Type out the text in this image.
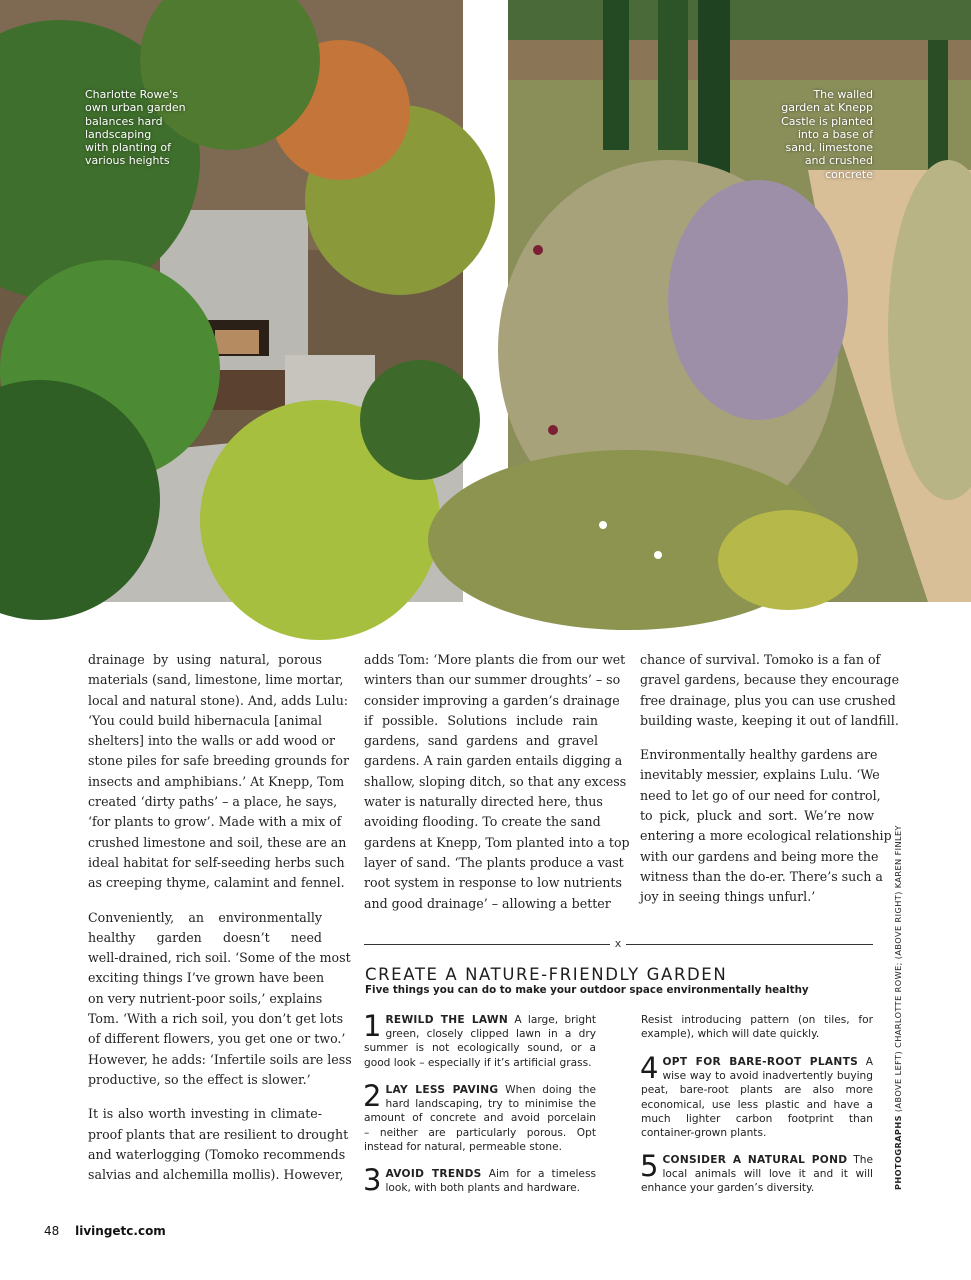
Charlotte Rowe's
own urban garden
balances hard
landscaping
with planting of
various heights
The walled
garden at Knepp
Castle is planted
into a base of
sand, limestone
and crushed
concrete
drainage by using natural, porous
materials (sand, limestone, lime mortar,
local and natural stone). And, adds Lulu:
‘You could build hibernacula [animal
shelters] into the walls or add wood or
stone piles for safe breeding grounds for
insects and amphibians.’ At Knepp, Tom
created ‘dirty paths’ – a place, he says,
‘for plants to grow’. Made with a mix of
crushed limestone and soil, these are an
ideal habitat for self-seeding herbs such
as creeping thyme, calamint and fennel.
Conveniently, an environmentally
healthy garden doesn’t need
well-drained, rich soil. ‘Some of the most
exciting things I’ve grown have been
on very nutrient-poor soils,’ explains
Tom. ‘With a rich soil, you don’t get lots
of different flowers, you get one or two.’
However, he adds: ‘Infertile soils are less
productive, so the effect is slower.’
It is also worth investing in climate-
proof plants that are resilient to drought
and waterlogging (Tomoko recommends
salvias and alchemilla mollis). However,
adds Tom: ‘More plants die from our wet
winters than our summer droughts’ – so
consider improving a garden’s drainage
if possible. Solutions include rain
gardens, sand gardens and gravel
gardens. A rain garden entails digging a
shallow, sloping ditch, so that any excess
water is naturally directed here, thus
avoiding flooding. To create the sand
gardens at Knepp, Tom planted into a top
layer of sand. ‘The plants produce a vast
root system in response to low nutrients
and good drainage’ – allowing a better
chance of survival. Tomoko is a fan of
gravel gardens, because they encourage
free drainage, plus you can use crushed
building waste, keeping it out of landfill.
Environmentally healthy gardens are
inevitably messier, explains Lulu. ‘We
need to let go of our need for control,
to pick, pluck and sort. We’re now
entering a more ecological relationship
with our gardens and being more the
witness than the do-er. There’s such a
joy in seeing things unfurl.’
x
CREATE A NATURE-FRIENDLY GARDEN
Five things you can do to make your outdoor space environmentally healthy
1 REWILD THE LAWN A large, bright
green, closely clipped lawn in a dry
summer is not ecologically sound, or a
good look – especially if it’s artificial grass.
2 LAY LESS PAVING When doing the
hard landscaping, try to minimise the
amount of concrete and avoid porcelain
– neither are particularly porous. Opt
instead for natural, permeable stone.
3 AVOID TRENDS Aim for a timeless
look, with both plants and hardware.
Resist introducing pattern (on tiles, for
example), which will date quickly.
4 OPT FOR BARE-ROOT PLANTS A
wise way to avoid inadvertently buying
peat, bare-root plants are also more
economical, use less plastic and have a
much lighter carbon footprint than
container-grown plants.
5 CONSIDER A NATURAL POND The
local animals will love it and it will
enhance your garden’s diversity.	PHOTOGRAPHS (ABOVE LEFT) CHARLOTTE ROWE; (ABOVE RIGHT) KAREN FINLEY
48 livingetc.com
